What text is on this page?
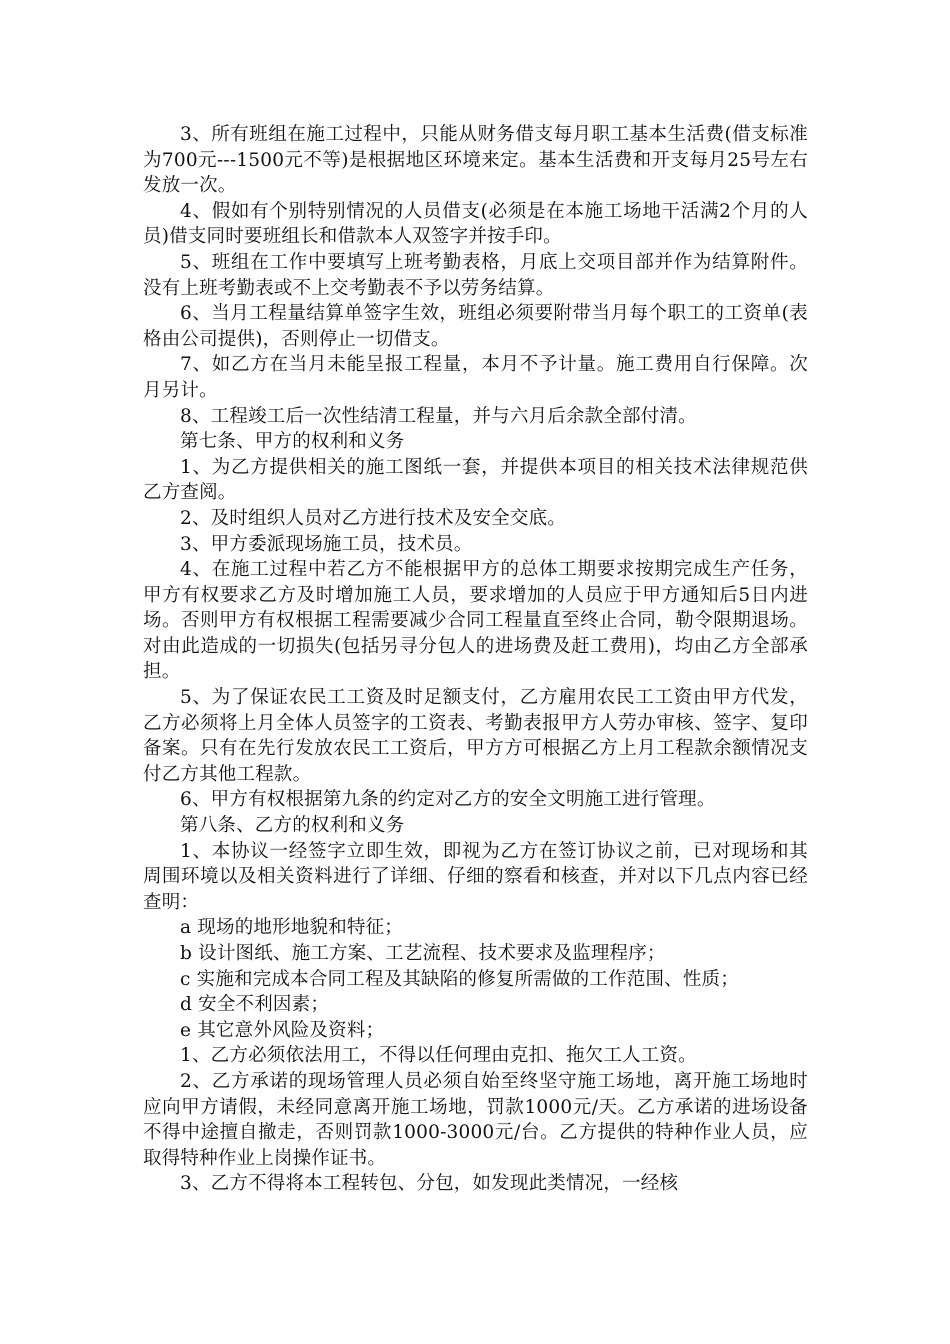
3、所有班组在施工过程中，只能从财务借支每月职工基本生活费(借支标准为700元---1500元不等)是根据地区环境来定。基本生活费和开支每月25号左右发放一次。

4、假如有个别特别情况的人员借支(必须是在本施工场地干活满2个月的人员)借支同时要班组长和借款本人双签字并按手印。

5、班组在工作中要填写上班考勤表格，月底上交项目部并作为结算附件。没有上班考勤表或不上交考勤表不予以劳务结算。

6、当月工程量结算单签字生效，班组必须要附带当月每个职工的工资单(表格由公司提供)，否则停止一切借支。

7、如乙方在当月未能呈报工程量，本月不予计量。施工费用自行保障。次月另计。

8、工程竣工后一次性结清工程量，并与六月后余款全部付清。

第七条、甲方的权利和义务

1、为乙方提供相关的施工图纸一套，并提供本项目的相关技术法律规范供乙方查阅。

2、及时组织人员对乙方进行技术及安全交底。

3、甲方委派现场施工员，技术员。

4、在施工过程中若乙方不能根据甲方的总体工期要求按期完成生产任务，甲方有权要求乙方及时增加施工人员，要求增加的人员应于甲方通知后5日内进场。否则甲方有权根据工程需要减少合同工程量直至终止合同，勒令限期退场。对由此造成的一切损失(包括另寻分包人的进场费及赶工费用)，均由乙方全部承担。

5、为了保证农民工工资及时足额支付，乙方雇用农民工工资由甲方代发，乙方必须将上月全体人员签字的工资表、考勤表报甲方人劳办审核、签字、复印备案。只有在先行发放农民工工资后，甲方方可根据乙方上月工程款余额情况支付乙方其他工程款。

6、甲方有权根据第九条的约定对乙方的安全文明施工进行管理。

第八条、乙方的权利和义务

1、本协议一经签字立即生效，即视为乙方在签订协议之前，已对现场和其周围环境以及相关资料进行了详细、仔细的察看和核查，并对以下几点内容已经查明：

a 现场的地形地貌和特征；

b 设计图纸、施工方案、工艺流程、技术要求及监理程序；

c 实施和完成本合同工程及其缺陷的修复所需做的工作范围、性质；

d 安全不利因素；

e 其它意外风险及资料；

1、乙方必须依法用工，不得以任何理由克扣、拖欠工人工资。

2、乙方承诺的现场管理人员必须自始至终坚守施工场地，离开施工场地时应向甲方请假，未经同意离开施工场地，罚款1000元/天。乙方承诺的进场设备不得中途擅自撤走，否则罚款1000-3000元/台。乙方提供的特种作业人员，应取得特种作业上岗操作证书。

3、乙方不得将本工程转包、分包，如发现此类情况，一经核
